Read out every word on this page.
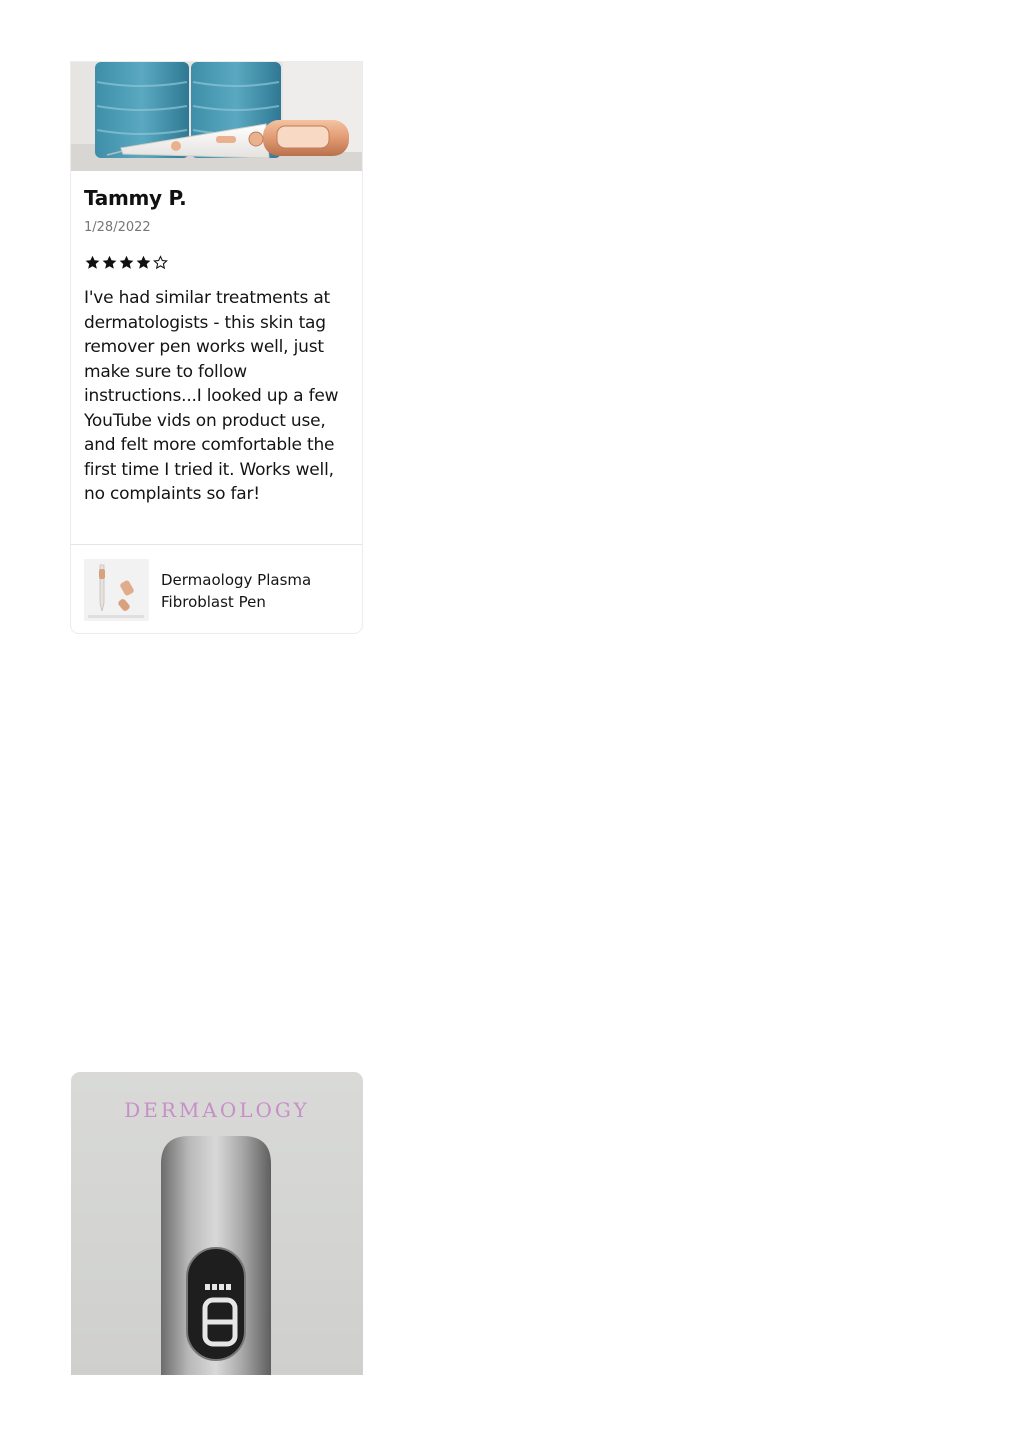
Tammy P.
1/28/2022
I've had similar treatments at dermatologists - this skin tag remover pen works well, just make sure to follow instructions...I looked up a few YouTube vids on product use, and felt more comfortable the first time I tried it. Works well, no complaints so far!
Dermaology Plasma Fibroblast Pen
DERMAOLOGY
